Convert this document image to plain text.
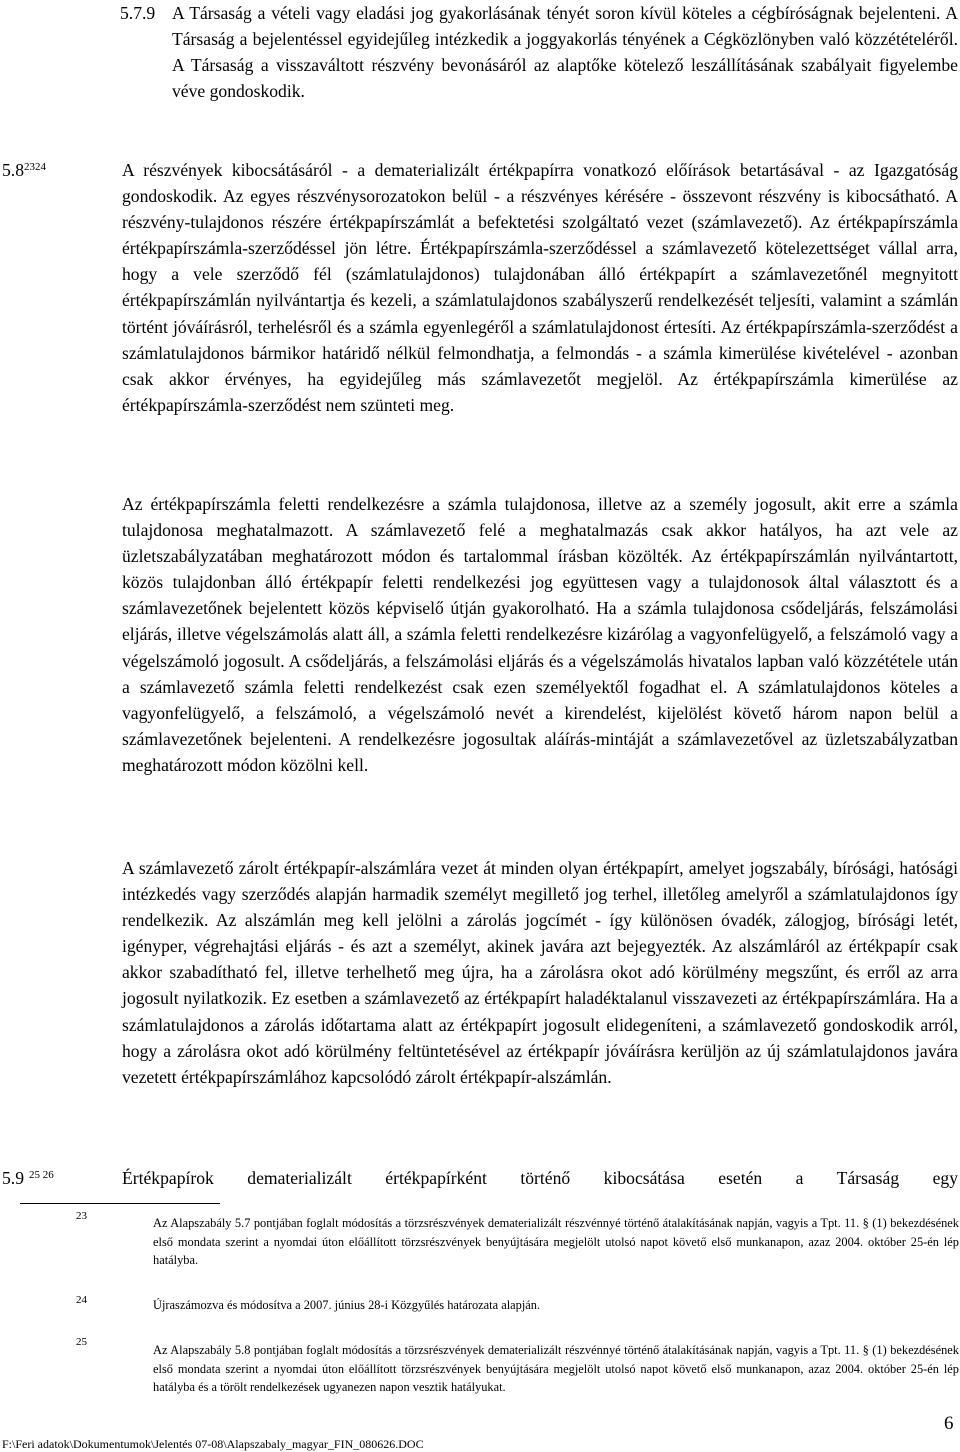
5.7.9 A Társaság a vételi vagy eladási jog gyakorlásának tényét soron kívül köteles a cégbíróságnak bejelenteni. A Társaság a bejelentéssel egyidejűleg intézkedik a joggyakorlás tényének a Cégközlönyben való közzétételéről. A Társaság a visszaváltott részvény bevonásáról az alaptőke kötelező leszállításának szabályait figyelembe véve gondoskodik.
$5.8^{2324}$	A részvények kibocsátásáról - a dematerializált értékpapírra vonatkozó előírások betartásával - az Igazgatóság gondoskodik. Az egyes részvénysorozatokon belül - a részvényes kérésére - összevont részvény is kibocsátható. A részvény-tulajdonos részére értékpapírszámlát a befektetési szolgáltató vezet (számlavezető). Az értékpapírszámla értékpapírszámla-szerződéssel jön létre. Értékpapírszámla-szerződéssel a számlavezető kötelezettséget vállal arra, hogy a vele szerződő fél (számlatulajdonos) tulajdonában álló értékpapírt a számlavezetőnél megnyitott értékpapírszámlán nyilvántartja és kezeli, a számlatulajdonos szabályszerű rendelkezését teljesíti, valamint a számlán történt jóváírásról, terhelésről és a számla egyenlegéről a számlatulajdonost értesíti. Az értékpapírszámla-szerződést a számlatulajdonos bármikor határidő nélkül felmondhatja, a felmondás - a számla kimerülése kivételével - azonban csak akkor érvényes, ha egyidejűleg más számlavezetőt megjelöl. Az értékpapírszámla kimerülése az értékpapírszámla-szerződést nem szünteti meg.
Az értékpapírszámla feletti rendelkezésre a számla tulajdonosa, illetve az a személy jogosult, akit erre a számla tulajdonosa meghatalmazott. A számlavezető felé a meghatalmazás csak akkor hatályos, ha azt vele az üzletszabályzatában meghatározott módon és tartalommal írásban közölték. Az értékpapírszámlán nyilvántartott, közös tulajdonban álló értékpapír feletti rendelkezési jog együttesen vagy a tulajdonosok által választott és a számlavezetőnek bejelentett közös képviselő útján gyakorolható. Ha a számla tulajdonosa csődeljárás, felszámolási eljárás, illetve végelszámolás alatt áll, a számla feletti rendelkezésre kizárólag a vagyonfelügyelő, a felszámoló vagy a végelszámoló jogosult. A csődeljárás, a felszámolási eljárás és a végelszámolás hivatalos lapban való közzététele után a számlavezető számla feletti rendelkezést csak ezen személyektől fogadhat el. A számlatulajdonos köteles a vagyonfelügyelő, a felszámoló, a végelszámoló nevét a kirendelést, kijelölést követő három napon belül a számlavezetőnek bejelenteni. A rendelkezésre jogosultak aláírás-mintáját a számlavezetővel az üzletszabályzatban meghatározott módon közölni kell.
A számlavezető zárolt értékpapír-alszámlára vezet át minden olyan értékpapírt, amelyet jogszabály, bírósági, hatósági intézkedés vagy szerződés alapján harmadik személyt megillető jog terhel, illetőleg amelyről a számlatulajdonos így rendelkezik. Az alszámlán meg kell jelölni a zárolás jogcímét - így különösen óvadék, zálogjog, bírósági letét, igényper, végrehajtási eljárás - és azt a személyt, akinek javára azt bejegyezték. Az alszámláról az értékpapír csak akkor szabadítható fel, illetve terhelhető meg újra, ha a zárolásra okot adó körülmény megszűnt, és erről az arra jogosult nyilatkozik. Ez esetben a számlavezető az értékpapírt haladéktalanul visszavezeti az értékpapírszámlára. Ha a számlatulajdonos a zárolás időtartama alatt az értékpapírt jogosult elidegeníteni, a számlavezető gondoskodik arról, hogy a zárolásra okot adó körülmény feltüntetésével az értékpapír jóváírásra kerüljön az új számlatulajdonos javára vezetett értékpapírszámlához kapcsolódó zárolt értékpapír-alszámlán.
5.9 $^{25 26}$	Értékpapírok dematerializált értékpapírként történő kibocsátása esetén a Társaság egy
23	Az Alapszabály 5.7 pontjában foglalt módosítás a törzsrészvények dematerializált részvénnyé történő átalakításának napján, vagyis a Tpt. 11. § (1) bekezdésének első mondata szerint a nyomdai úton előállított törzsrészvények benyújtására megjelölt utolsó napot követő első munkanapon, azaz 2004. október 25-én lép hatályba.
24	Újraszámozva és módosítva a 2007. június 28-i Közgyűlés határozata alapján.
25
Az Alapszabály 5.8 pontjában foglalt módosítás a törzsrészvények dematerializált részvénnyé történő átalakításának napján, vagyis a Tpt. 11. § (1) bekezdésének első mondata szerint a nyomdai úton előállított törzsrészvények benyújtására megjelölt utolsó napot követő első munkanapon, azaz 2004. október 25-én lép hatályba és a törölt rendelkezések ugyanezen napon vesztik hatályukat.
6
F:\Feri adatok\Dokumentumok\Jelentés 07-08\Alapszabaly_magyar_FIN_080626.DOC
